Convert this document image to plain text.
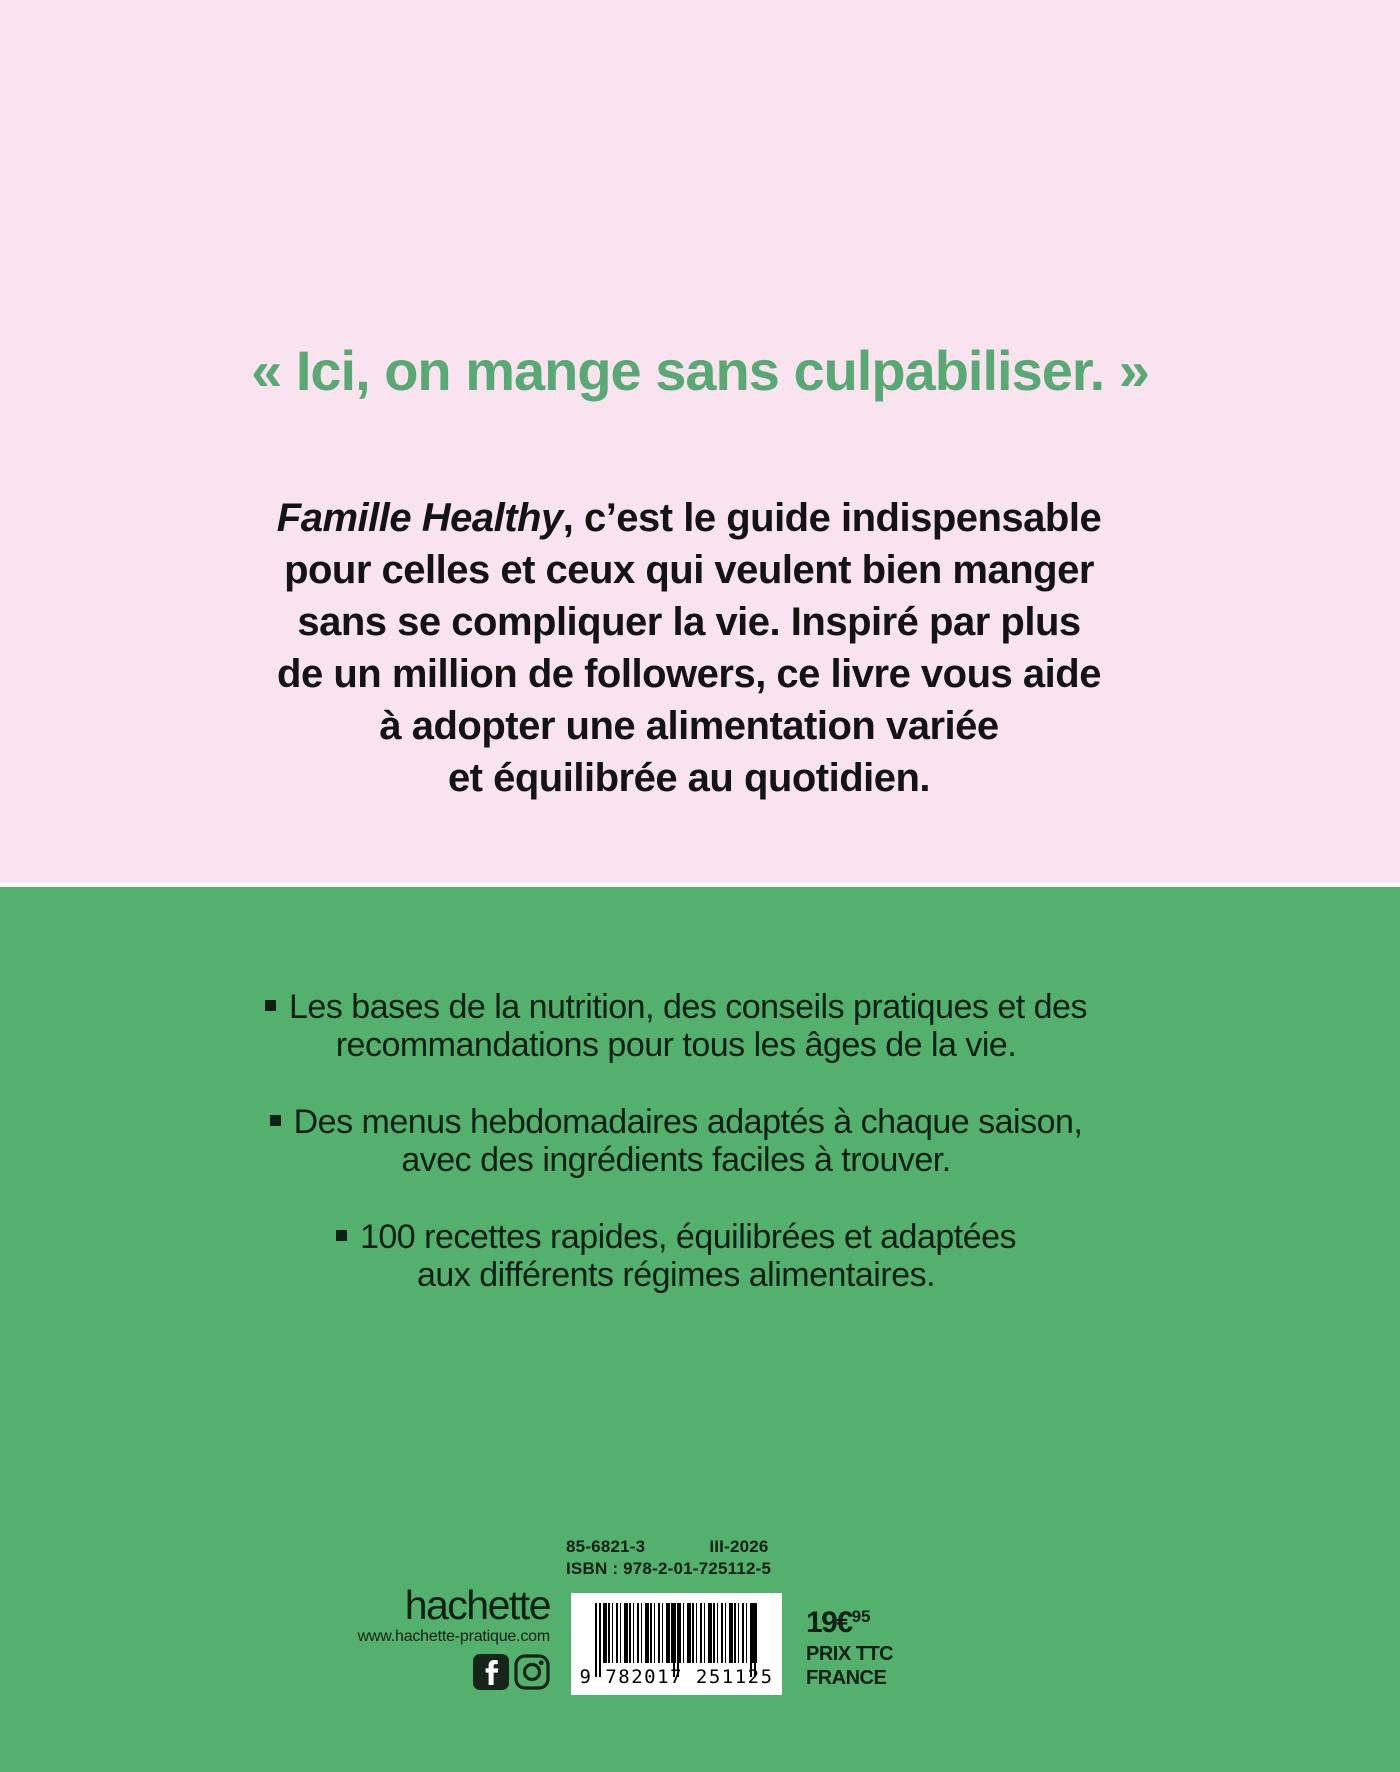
« Ici, on mange sans culpabiliser. »
Famille Healthy, c’est le guide indispensable
pour celles et ceux qui veulent bien manger
sans se compliquer la vie. Inspiré par plus
de un million de followers, ce livre vous aide
à adopter une alimentation variée
et équilibrée au quotidien.
Les bases de la nutrition, des conseils pratiques et des
recommandations pour tous les âges de la vie.
Des menus hebdomadaires adaptés à chaque saison,
avec des ingrédients faciles à trouver.
100 recettes rapides, équilibrées et adaptées
aux différents régimes alimentaires.
85-6821-3	III-2026
ISBN : 978-2-01-725112-5
hachette
www.hachette-pratique.com
9 782017 251125
19€$^{95}$
PRIX TTC
FRANCE
